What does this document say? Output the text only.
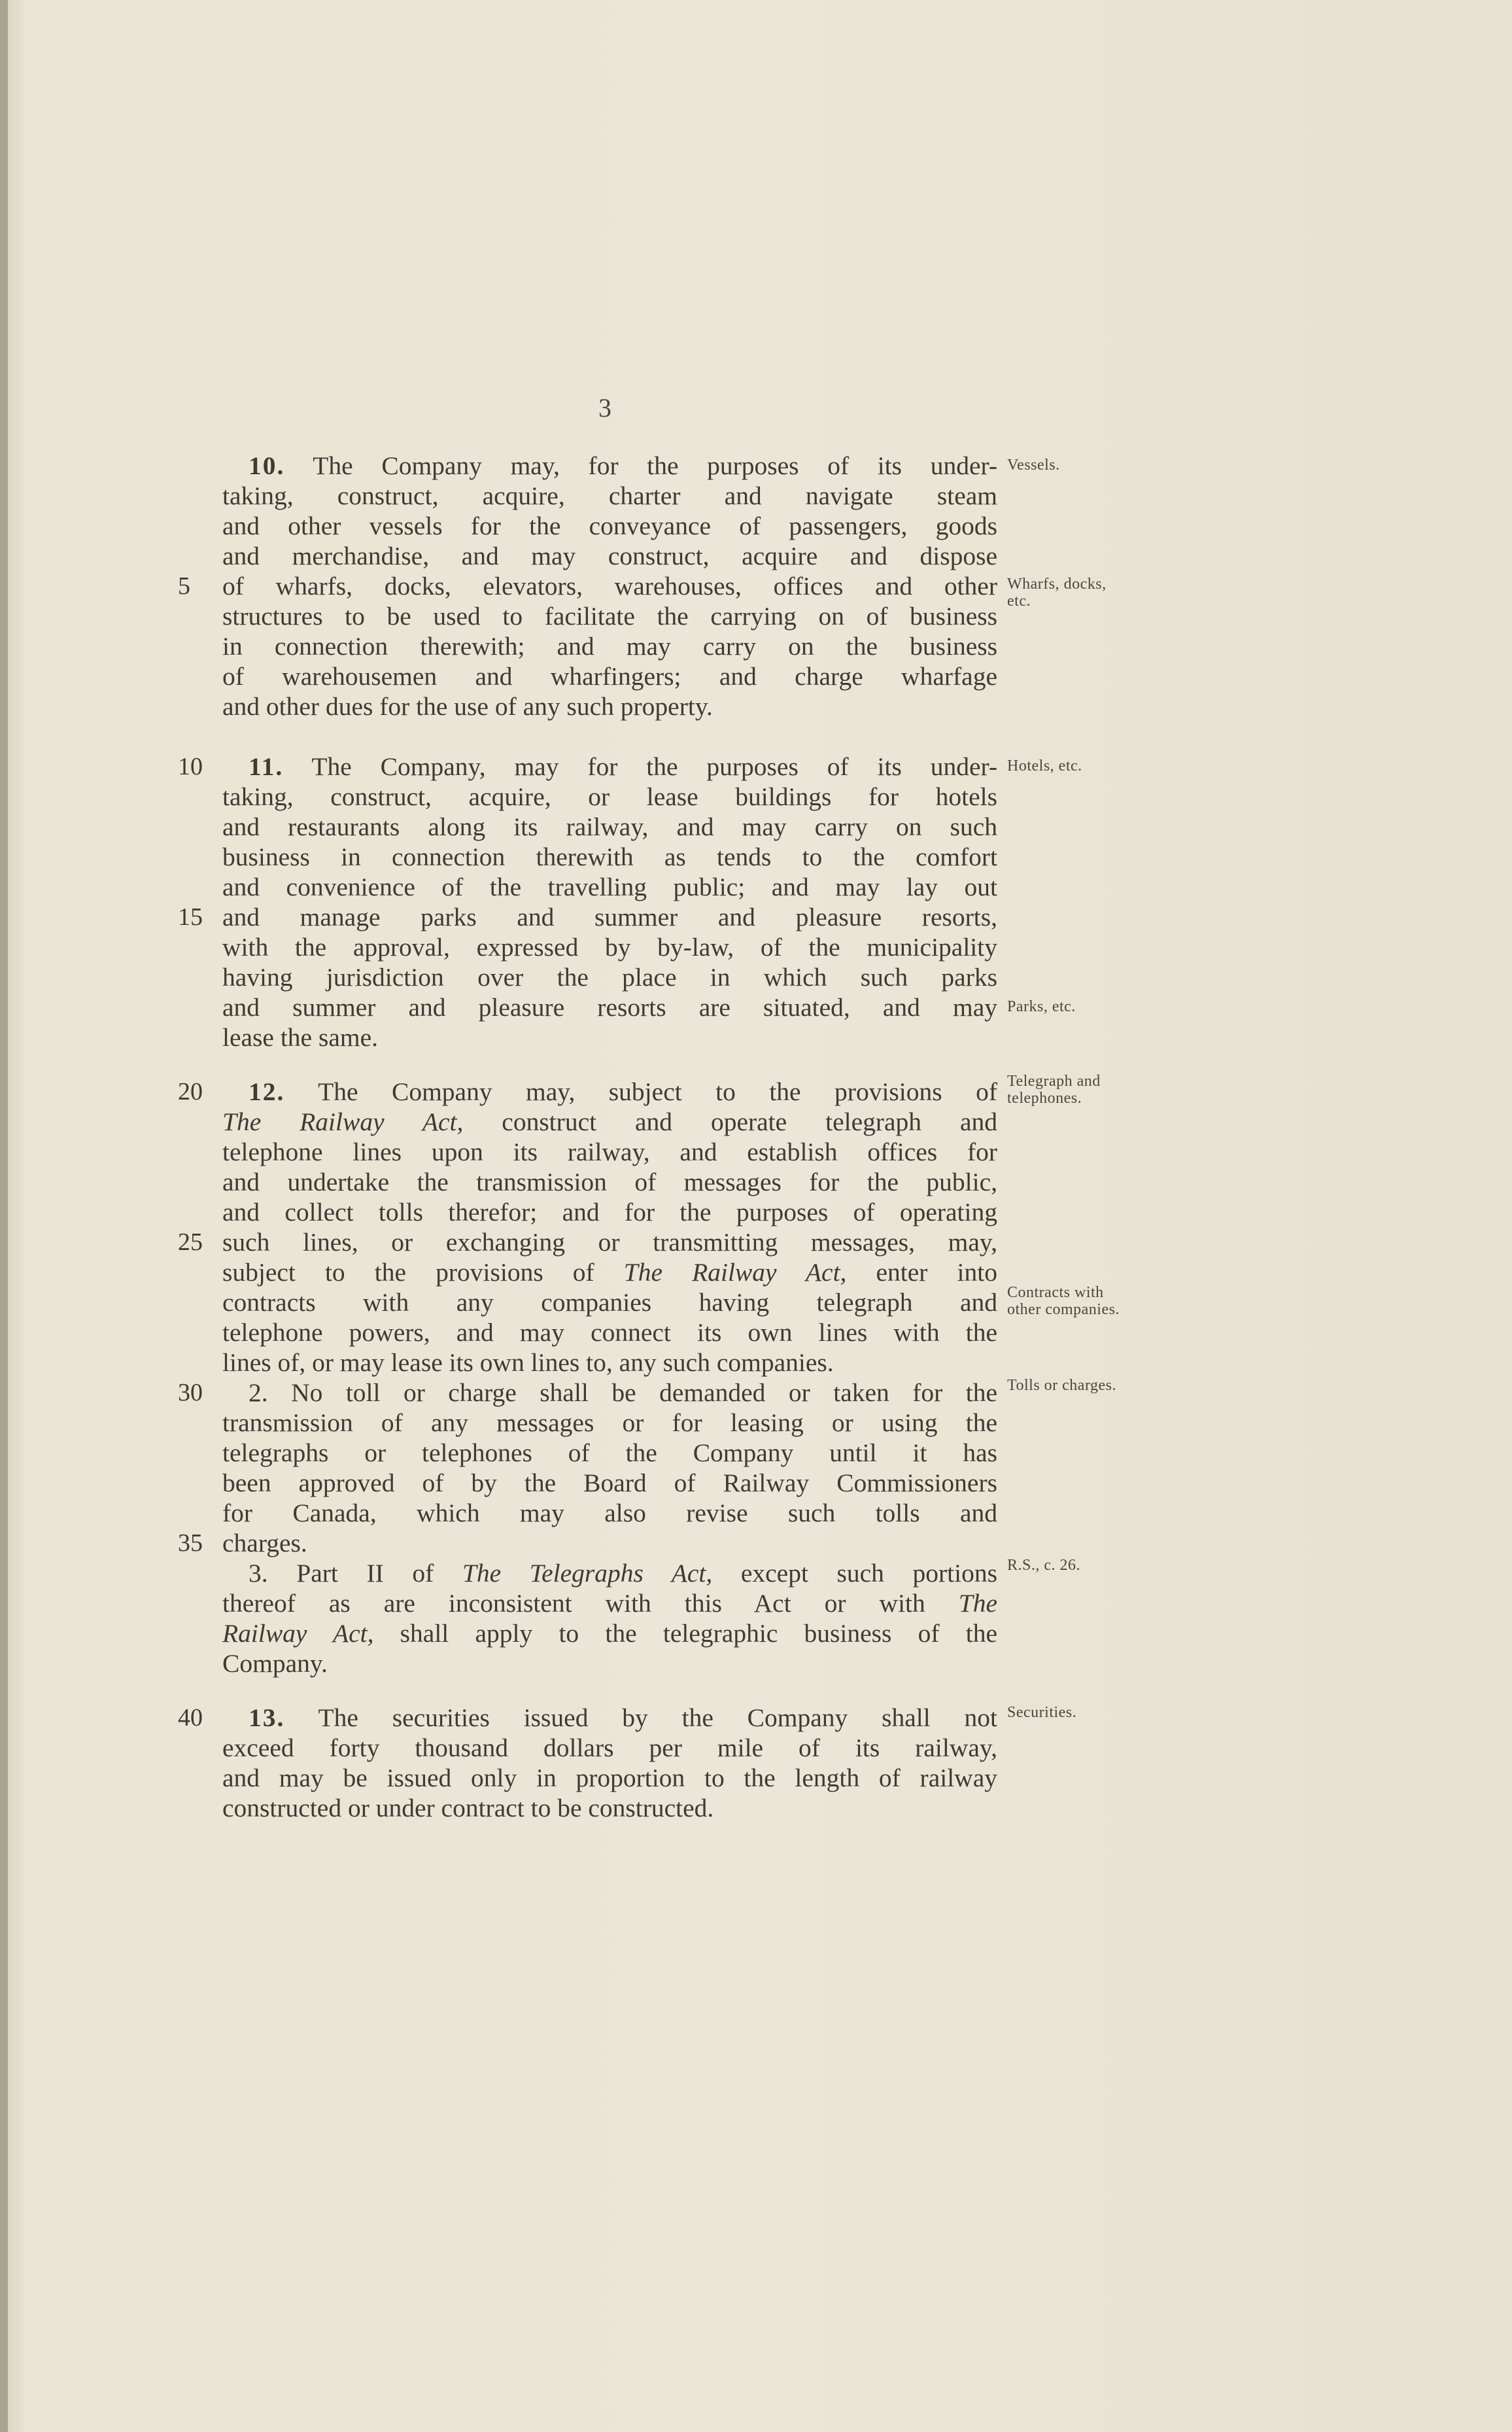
3
10. The Company may, for the purposes of its under-
taking, construct, acquire, charter and navigate steam
and other vessels for the conveyance of passengers, goods
and merchandise, and may construct, acquire and dispose
5	of wharfs, docks, elevators, warehouses, offices and other
structures to be used to facilitate the carrying on of business
in connection therewith; and may carry on the business
of warehousemen and wharfingers; and charge wharfage
and other dues for the use of any such property.
Vessels.
Wharfs, docks, etc.
10	11. The Company, may for the purposes of its under-
taking, construct, acquire, or lease buildings for hotels
and restaurants along its railway, and may carry on such
business in connection therewith as tends to the comfort
and convenience of the travelling public; and may lay out
15 and manage parks and summer and pleasure resorts,
with the approval, expressed by by-law, of the municipality
having jurisdiction over the place in which such parks
and summer and pleasure resorts are situated, and may
lease the same.
Hotels, etc.
Parks, etc.
20	12. The Company may, subject to the provisions of
The Railway Act, construct and operate telegraph and
telephone lines upon its railway, and establish offices for
and undertake the transmission of messages for the public,
and collect tolls therefor; and for the purposes of operating
25 such lines, or exchanging or transmitting messages, may,
subject to the provisions of The Railway Act, enter into
contracts with any companies having telegraph and
telephone powers, and may connect its own lines with the
lines of, or may lease its own lines to, any such companies.
30	2. No toll or charge shall be demanded or taken for the
transmission of any messages or for leasing or using the
telegraphs or telephones of the Company until it has
been approved of by the Board of Railway Commissioners
for Canada, which may also revise such tolls and
35 charges.
3. Part II of The Telegraphs Act, except such portions
thereof as are inconsistent with this Act or with The
Railway Act, shall apply to the telegraphic business of the
Company.
Telegraph and telephones.
Contracts with other companies.
Tolls or charges.
R.S., c. 26.
40	13. The securities issued by the Company shall not
exceed forty thousand dollars per mile of its railway,
and may be issued only in proportion to the length of railway
constructed or under contract to be constructed.
Securities.
